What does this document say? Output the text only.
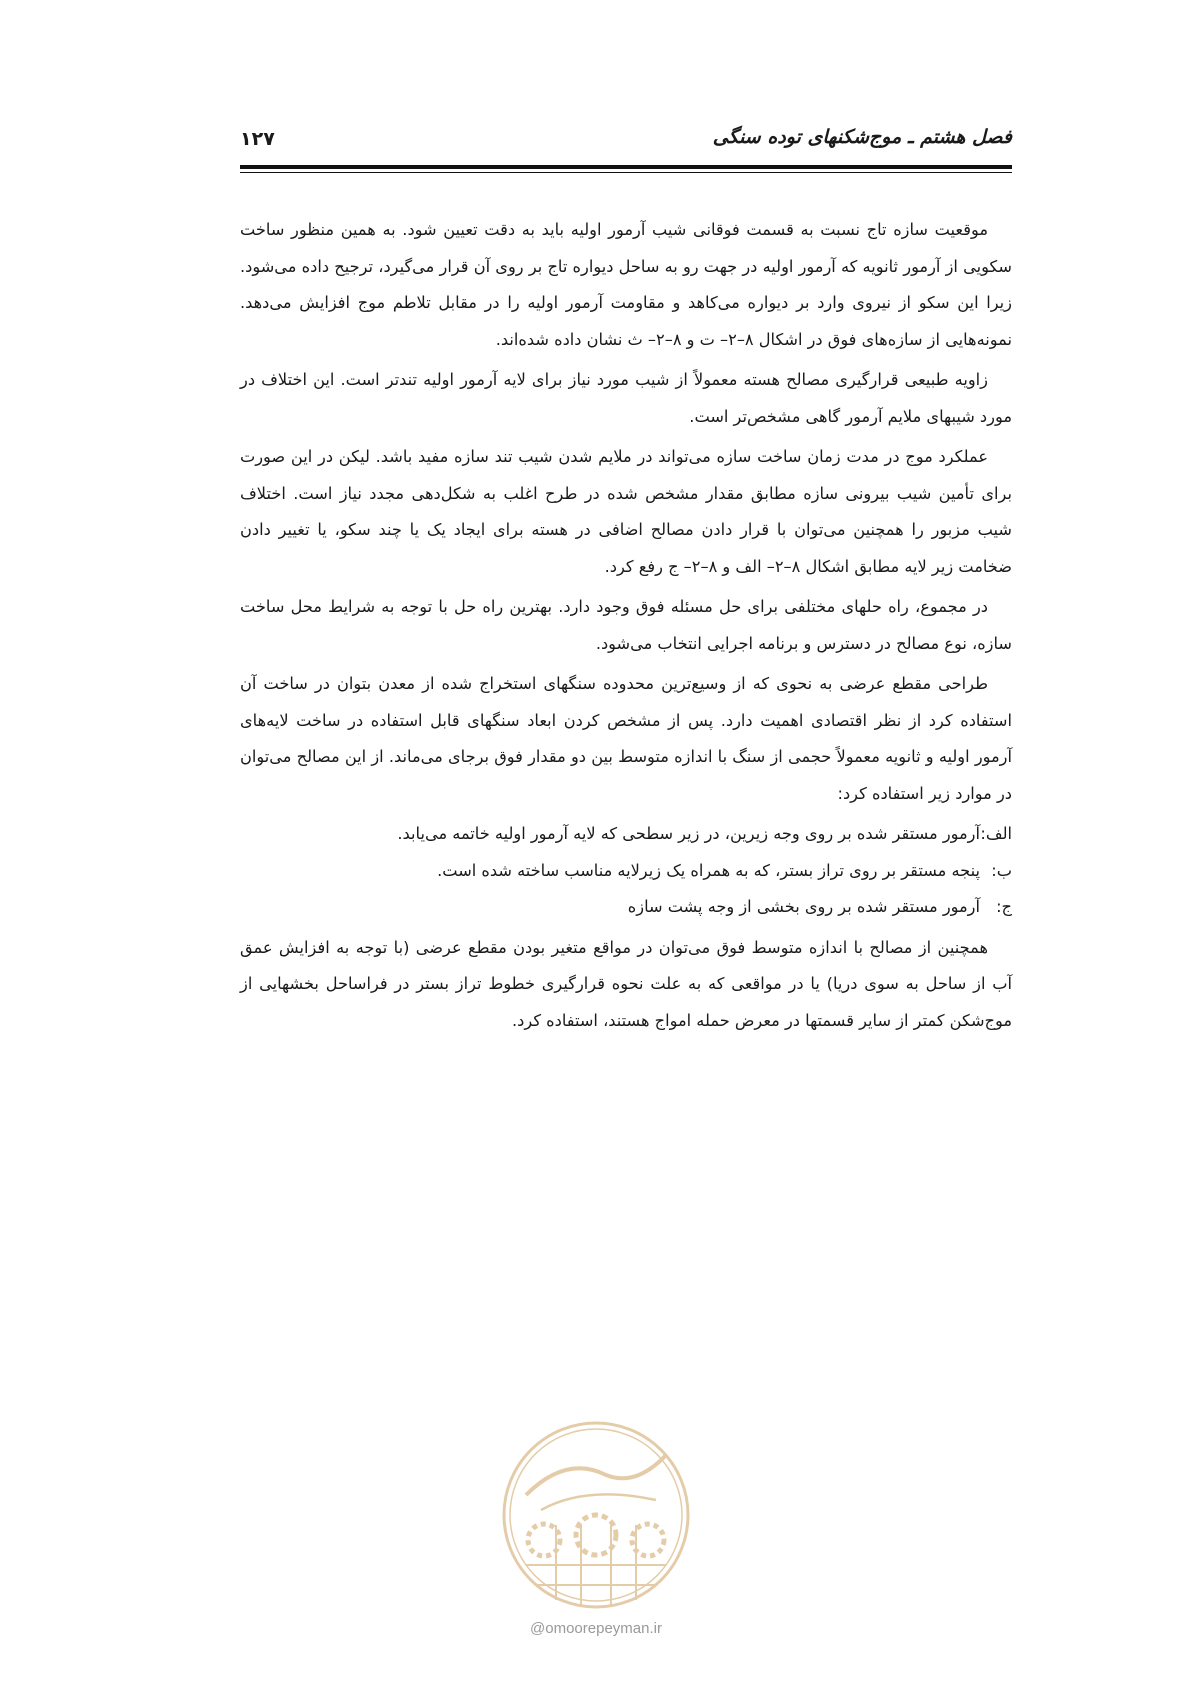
فصل هشتم ـ موج‌شکنهای توده سنگی
۱۲۷

موقعیت سازه تاج نسبت به قسمت فوقانی شیب آرمور اولیه باید به دقت تعیین شود. به همین منظور ساخت سکویی از آرمور ثانویه که آرمور اولیه در جهت رو به ساحل دیواره تاج بر روی آن قرار می‌گیرد، ترجیح داده می‌شود. زیرا این سکو از نیروی وارد بر دیواره می‌کاهد و مقاومت آرمور اولیه را در مقابل تلاطم موج افزایش می‌دهد. نمونه‌هایی از سازه‌های فوق در اشکال ۸–۲– ت و ۸–۲– ث نشان داده شده‌اند.

زاویه طبیعی قرارگیری مصالح هسته معمولاً از شیب مورد نیاز برای لایه آرمور اولیه تندتر است. این اختلاف در مورد شیبهای ملایم آرمور گاهی مشخص‌تر است.

عملکرد موج در مدت زمان ساخت سازه می‌تواند در ملایم شدن شیب تند سازه مفید باشد. لیکن در این صورت برای تأمین شیب بیرونی سازه مطابق مقدار مشخص شده در طرح اغلب به شکل‌دهی مجدد نیاز است. اختلاف شیب مزبور را همچنین می‌توان با قرار دادن مصالح اضافی در هسته برای ایجاد یک یا چند سکو، یا تغییر دادن ضخامت زیر لایه مطابق اشکال ۸–۲– الف و ۸–۲– ج رفع کرد.

در مجموع، راه حلهای مختلفی برای حل مسئله فوق وجود دارد. بهترین راه حل با توجه به شرایط محل ساخت سازه، نوع مصالح در دسترس و برنامه اجرایی انتخاب می‌شود.

طراحی مقطع عرضی به نحوی که از وسیع‌ترین محدوده سنگهای استخراج شده از معدن بتوان در ساخت آن استفاده کرد از نظر اقتصادی اهمیت دارد. پس از مشخص کردن ابعاد سنگهای قابل استفاده در ساخت لایه‌های آرمور اولیه و ثانویه معمولاً حجمی از سنگ با اندازه متوسط بین دو مقدار فوق برجای می‌ماند. از این مصالح می‌توان در موارد زیر استفاده کرد:

الف:
آرمور مستقر شده بر روی وجه زیرین، در زیر سطحی که لایه آرمور اولیه خاتمه می‌یابد.
ب:
پنجه مستقر بر روی تراز بستر، که به همراه یک زیرلایه مناسب ساخته شده است.
ج:
آرمور مستقر شده بر روی بخشی از وجه پشت سازه

همچنین از مصالح با اندازه متوسط فوق می‌توان در مواقع متغیر بودن مقطع عرضی (با توجه به افزایش عمق آب از ساحل به سوی دریا) یا در مواقعی که به علت نحوه قرارگیری خطوط تراز بستر در فراساحل بخشهایی از موج‌شکن کمتر از سایر قسمتها در معرض حمله امواج هستند، استفاده کرد.

@omoorepeyman.ir
